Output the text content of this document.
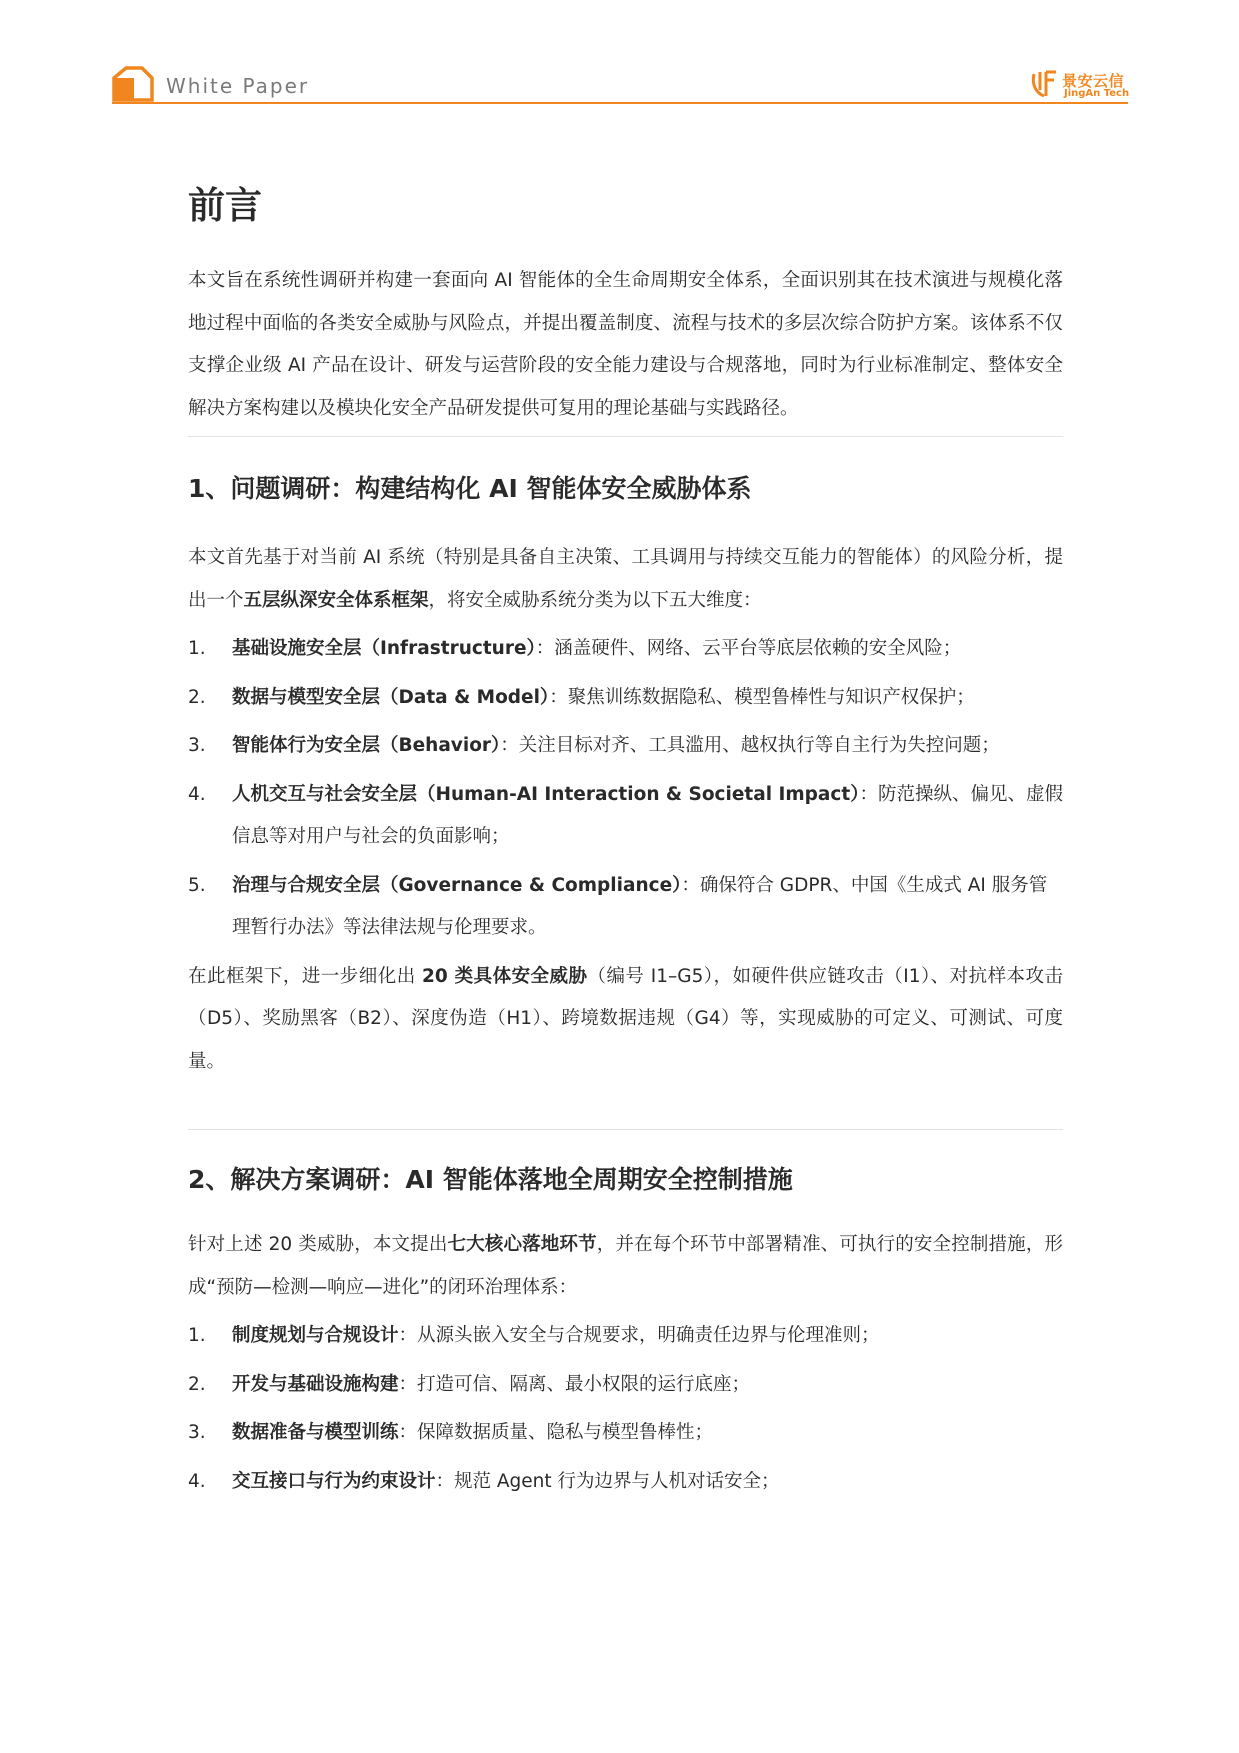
White Paper	景安云信
JingAn Tech
前言

本文旨在系统性调研并构建一套面向 AI 智能体的全生命周期安全体系，全面识别其在技术演进与规模化落地过程中面临的各类安全威胁与风险点，并提出覆盖制度、流程与技术的多层次综合防护方案。该体系不仅支撑企业级 AI 产品在设计、研发与运营阶段的安全能力建设与合规落地，同时为行业标准制定、整体安全解决方案构建以及模块化安全产品研发提供可复用的理论基础与实践路径。

1、问题调研：构建结构化 AI 智能体安全威胁体系

本文首先基于对当前 AI 系统（特别是具备自主决策、工具调用与持续交互能力的智能体）的风险分析，提出一个五层纵深安全体系框架，将安全威胁系统分类为以下五大维度：

1. 基础设施安全层（Infrastructure）：涵盖硬件、网络、云平台等底层依赖的安全风险；
2. 数据与模型安全层（Data & Model）：聚焦训练数据隐私、模型鲁棒性与知识产权保护；
3. 智能体行为安全层（Behavior）：关注目标对齐、工具滥用、越权执行等自主行为失控问题；
4. 人机交互与社会安全层（Human-AI Interaction & Societal Impact）：防范操纵、偏见、虚假信息等对用户与社会的负面影响；
5. 治理与合规安全层（Governance & Compliance）：确保符合 GDPR、中国《生成式 AI 服务管理暂行办法》等法律法规与伦理要求。

在此框架下，进一步细化出 20 类具体安全威胁（编号 I1–G5），如硬件供应链攻击（I1）、对抗样本攻击（D5）、奖励黑客（B2）、深度伪造（H1）、跨境数据违规（G4）等，实现威胁的可定义、可测试、可度量。

2、解决方案调研：AI 智能体落地全周期安全控制措施

针对上述 20 类威胁，本文提出七大核心落地环节，并在每个环节中部署精准、可执行的安全控制措施，形成“预防—检测—响应—进化”的闭环治理体系：

1. 制度规划与合规设计：从源头嵌入安全与合规要求，明确责任边界与伦理准则；
2. 开发与基础设施构建：打造可信、隔离、最小权限的运行底座；
3. 数据准备与模型训练：保障数据质量、隐私与模型鲁棒性；
4. 交互接口与行为约束设计：规范 Agent 行为边界与人机对话安全；
